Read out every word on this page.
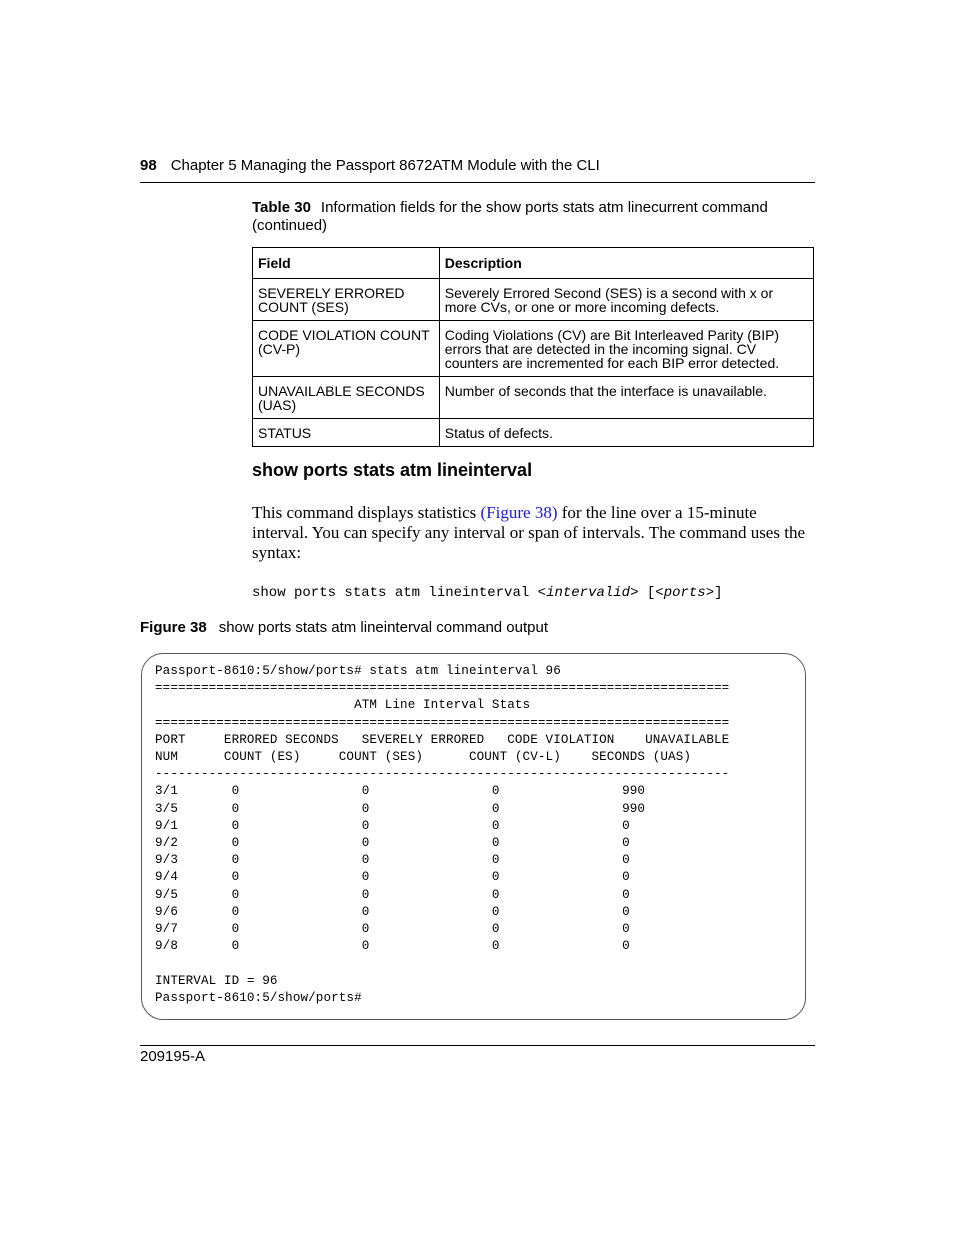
98 Chapter 5 Managing the Passport 8672ATM Module with the CLI
Table 30 Information fields for the show ports stats atm linecurrent command (continued)
Field	Description
SEVERELY ERRORED COUNT (SES)	Severely Errored Second (SES) is a second with x or more CVs, or one or more incoming defects.
CODE VIOLATION COUNT (CV-P)	Coding Violations (CV) are Bit Interleaved Parity (BIP) errors that are detected in the incoming signal. CV counters are incremented for each BIP error detected.
UNAVAILABLE SECONDS (UAS)	Number of seconds that the interface is unavailable.
STATUS	Status of defects.
show ports stats atm lineinterval

This command displays statistics (Figure 38) for the line over a 15-minute interval. You can specify any interval or span of intervals. The command uses the syntax:

show ports stats atm lineinterval <intervalid> [<ports>]
Figure 38 show ports stats atm lineinterval command output
Passport-8610:5/show/ports# stats atm lineinterval 96
===========================================================================
ATM Line Interval Stats
===========================================================================
PORT     ERRORED SECONDS   SEVERELY ERRORED   CODE VIOLATION    UNAVAILABLE
NUM      COUNT (ES)     COUNT (SES)      COUNT (CV-L)    SECONDS (UAS)
---------------------------------------------------------------------------
3/1       0                0                0                990
3/5       0                0                0                990
9/1       0                0                0                0
9/2       0                0                0                0
9/3       0                0                0                0
9/4       0                0                0                0
9/5       0                0                0                0
9/6       0                0                0                0
9/7       0                0                0                0
9/8       0                0                0                0

INTERVAL ID = 96
Passport-8610:5/show/ports#

209195-A
